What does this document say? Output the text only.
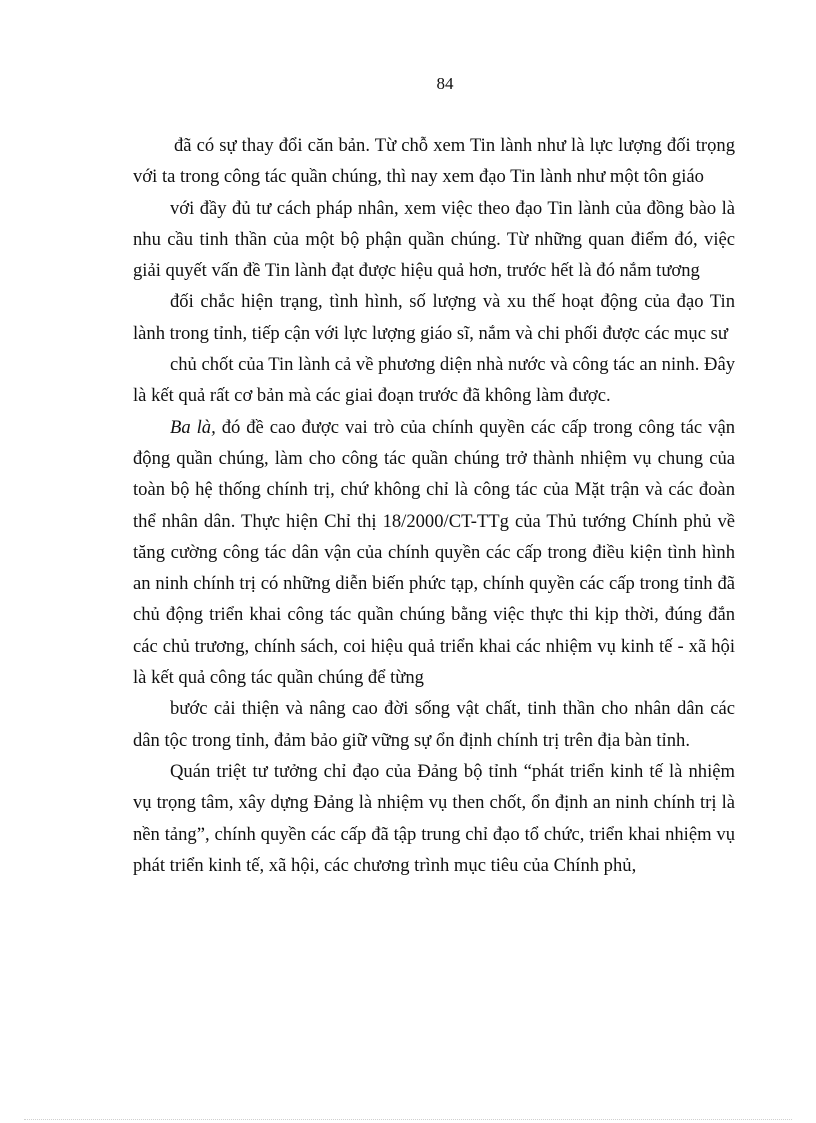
84

đã có sự thay đổi căn bản. Từ chỗ xem Tin lành như là lực lượng đối trọng với ta trong công tác quần chúng, thì nay xem đạo Tin lành như một tôn giáo

với đầy đủ tư cách pháp nhân, xem việc theo đạo Tin lành của đồng bào là nhu cầu tinh thần của một bộ phận quần chúng. Từ những quan điểm đó, việc giải quyết vấn đề Tin lành đạt được hiệu quả hơn, trước hết là đó nắm tương

đối chắc hiện trạng, tình hình, số lượng và xu thế hoạt động của đạo Tin lành trong tỉnh, tiếp cận với lực lượng giáo sĩ, nắm và chi phối được các mục sư

chủ chốt của Tin lành cả về phương diện nhà nước và công tác an ninh. Đây là kết quả rất cơ bản mà các giai đoạn trước đã không làm được.

Ba là, đó đề cao được vai trò của chính quyền các cấp trong công tác vận động quần chúng, làm cho công tác quần chúng trở thành nhiệm vụ chung của toàn bộ hệ thống chính trị, chứ không chỉ là công tác của Mặt trận và các đoàn thể nhân dân. Thực hiện Chỉ thị 18/2000/CT-TTg của Thủ tướng Chính phủ về tăng cường công tác dân vận của chính quyền các cấp trong điều kiện tình hình an ninh chính trị có những diễn biến phức tạp, chính quyền các cấp trong tỉnh đã chủ động triển khai công tác quần chúng bằng việc thực thi kịp thời, đúng đắn các chủ trương, chính sách, coi hiệu quả triển khai các nhiệm vụ kinh tế - xã hội là kết quả công tác quần chúng để từng

bước cải thiện và nâng cao đời sống vật chất, tinh thần cho nhân dân các dân tộc trong tỉnh, đảm bảo giữ vững sự ổn định chính trị trên địa bàn tỉnh.

Quán triệt tư tưởng chỉ đạo của Đảng bộ tỉnh “phát triển kinh tế là nhiệm vụ trọng tâm, xây dựng Đảng là nhiệm vụ then chốt, ổn định an ninh chính trị là nền tảng”, chính quyền các cấp đã tập trung chỉ đạo tổ chức, triển khai nhiệm vụ phát triển kinh tế, xã hội, các chương trình mục tiêu của Chính phủ,
